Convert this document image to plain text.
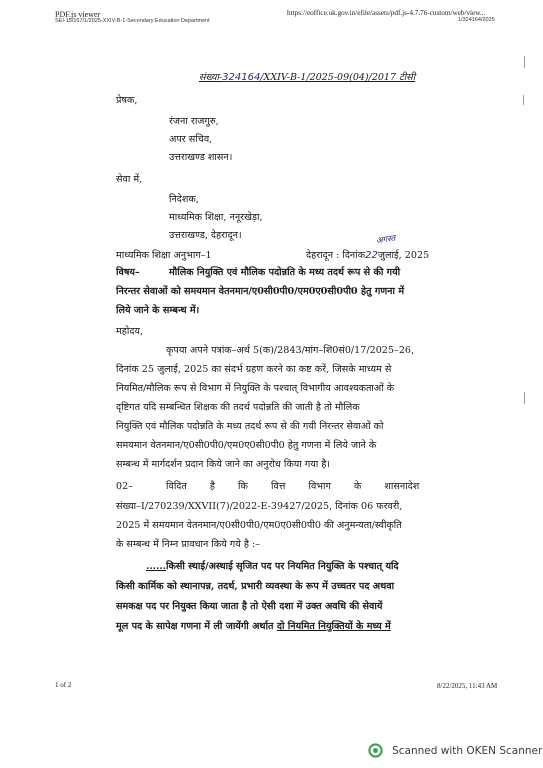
PDF.js viewer
SEI-15/167/1/2025-XXIV-B-1-Secondary Education Department
https://eoffice.uk.gov.in/efile/assets/pdf.js-4.7.76-custom/web/view...
1/324164/2025
संख्या-324164/XXIV-B-1/2025-09(04)/2017 टीसी
प्रेषक,
रंजना राजगुरु,
अपर सचिव,
उत्तराखण्ड शासन।
सेवा में,
निदेशक,
माध्यमिक शिक्षा, ननूरखेड़ा,
उत्तराखण्ड, देहरादून।
माध्यमिक शिक्षा अनुभाग–1	देहरादून : दिनांक22जुलाई, 2025
अगस्त
विषय–	मौलिक नियुक्ति एवं मौलिक पदोन्नति के मध्य तदर्थ रूप से की गयी
निरन्तर सेवाओं को समयमान वेतनमान/ए0सी0पी0/एम0ए0सी0पी0 हेतु गणना में
लिये जाने के सम्बन्ध में।
महोदय,
कृपया अपने पत्रांक–अर्थ 5(क)/2843/मांग–शि0सं0/17/2025–26,
दिनांक 25 जुलाई, 2025 का संदर्भ ग्रहण करने का कष्ट करें, जिसके माध्यम से
नियमित/मौलिक रूप से विभाग में नियुक्ति के पश्चात् विभागीय आवश्यकताओं के
दृष्टिगत यदि सम्बन्धित शिक्षक की तदर्थ पदोन्नति की जाती है तो मौलिक
नियुक्ति एवं मौलिक पदोन्नति के मध्य तदर्थ रूप से की गयी निरन्तर सेवाओं को
समयमान वेतनमान/ए0सी0पी0/एम0ए0सी0पी0 हेतु गणना में लिये जाने के
सम्बन्ध में मार्गदर्शन प्रदान किये जाने का अनुरोध किया गया है।
02–	विदित है कि वित्त विभाग के शासनादेश
संख्या–I/270239/XXVII(7)/2022-E-39427/2025, दिनांक 06 फरवरी,
2025 में समयमान वेतनमान/ए0सी0पी0/एम0ए0सी0पी0 की अनुमन्यता/स्वीकृति
के सम्बन्ध में निम्न प्रावधान किये गये है :–
......किसी स्थाई/अस्थाई सृजित पद पर नियमित नियुक्ति के पश्चात् यदि
किसी कार्मिक को स्थानापन्न, तदर्थ, प्रभारी व्यवस्था के रूप में उच्चतर पद अथवा
समकक्ष पद पर नियुक्त किया जाता है तो ऐसी दशा में उक्त अवधि की सेवायें
मूल पद के सापेक्ष गणना में ली जायेंगी अर्थात दो नियमित नियुक्तियों के मध्य में
1 of 2	8/22/2025, 11:43 AM
Scanned with OKEN Scanner
